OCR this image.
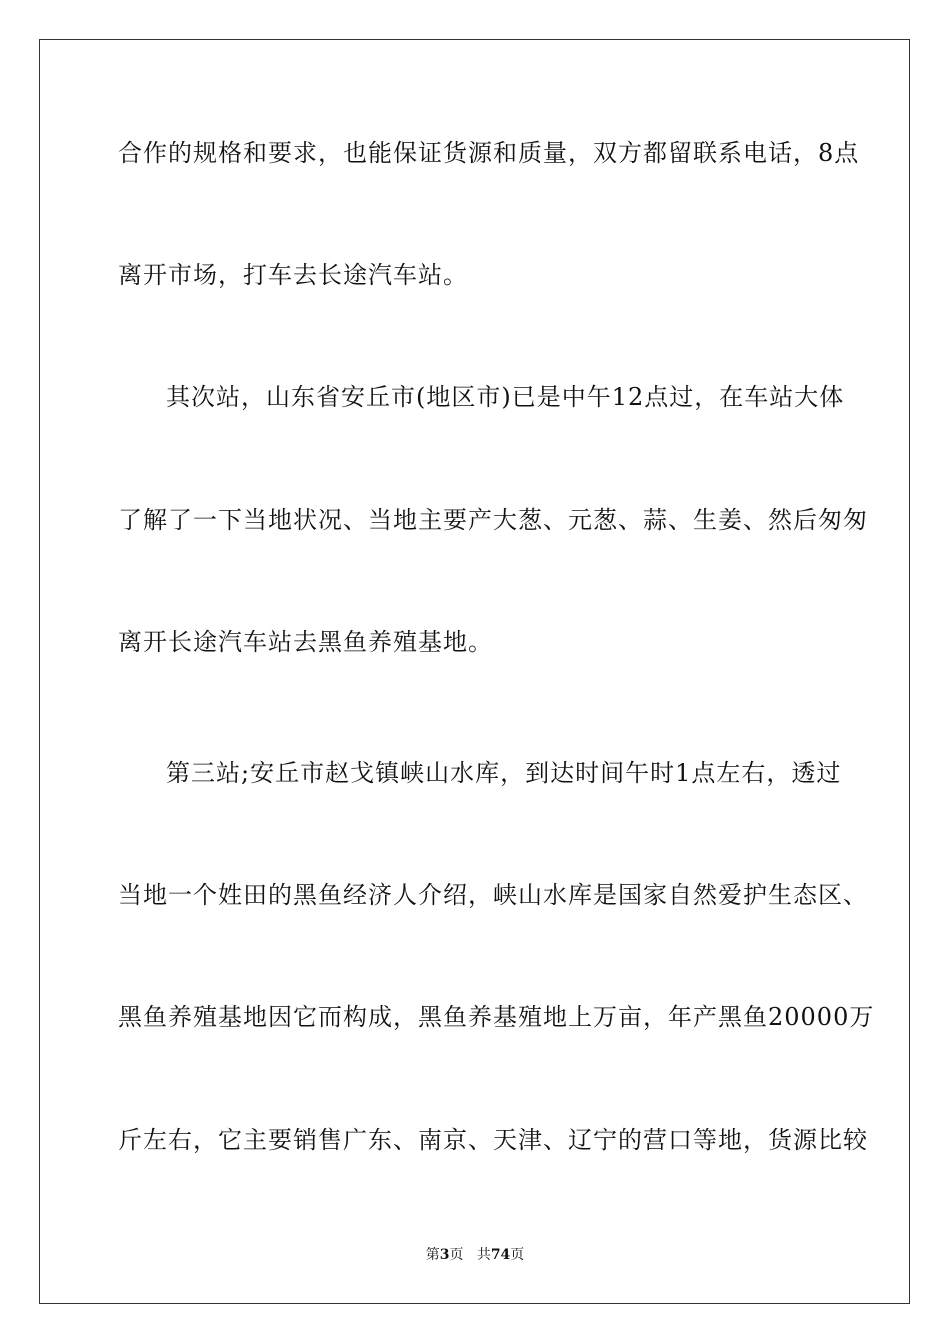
合作的规格和要求，也能保证货源和质量，双方都留联系电话，8点
离开市场，打车去长途汽车站。
其次站，山东省安丘市(地区市)已是中午12点过，在车站大体
了解了一下当地状况、当地主要产大葱、元葱、蒜、生姜、然后匆匆
离开长途汽车站去黑鱼养殖基地。
第三站;安丘市赵戈镇峡山水库，到达时间午时1点左右，透过
当地一个姓田的黑鱼经济人介绍，峡山水库是国家自然爱护生态区、
黑鱼养殖基地因它而构成，黑鱼养基殖地上万亩，年产黑鱼20000万
斤左右，它主要销售广东、南京、天津、辽宁的营口等地，货源比较
第3页 共74页
